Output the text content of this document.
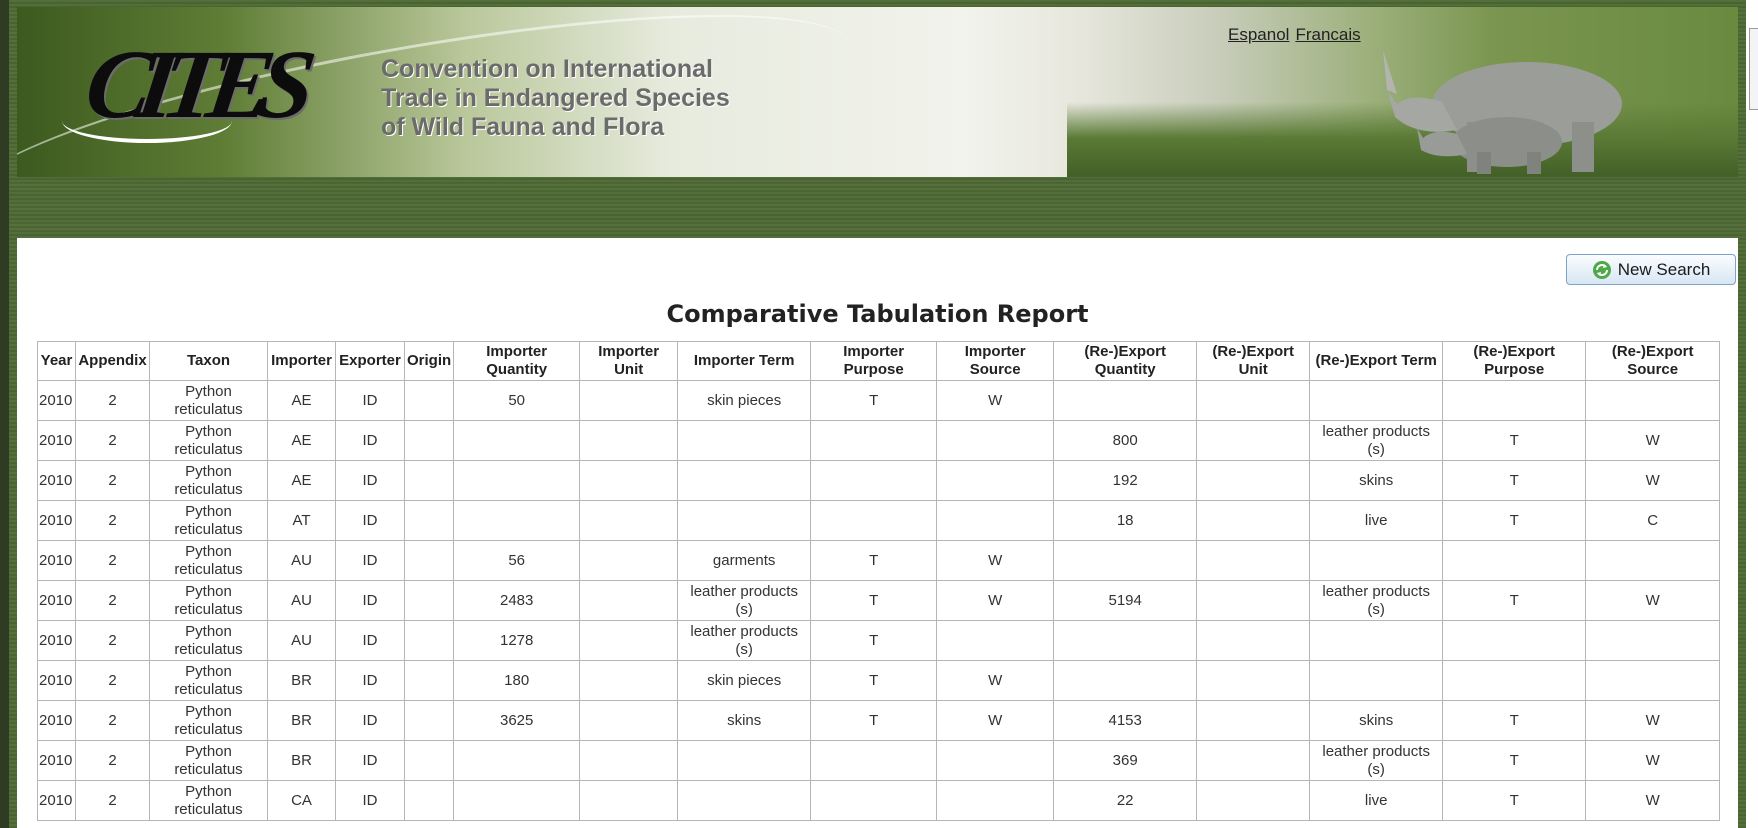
CITES	Convention on International
Trade in Endangered Species
of Wild Fauna and Flora
Espanol Francais
New Search
Comparative Tabulation Report
Year	Appendix	Taxon	Importer	Exporter	Origin	Importer Quantity	Importer Unit	Importer Term	Importer Purpose	Importer Source	(Re-)Export Quantity	(Re-)Export Unit	(Re-)Export Term	(Re-)Export Purpose	(Re-)Export Source
2010	2	Python reticulatus	AE	ID		50		skin pieces	T	W					
2010	2	Python reticulatus	AE	ID							800		leather products (s)	T	W
2010	2	Python reticulatus	AE	ID							192		skins	T	W
2010	2	Python reticulatus	AT	ID							18		live	T	C
2010	2	Python reticulatus	AU	ID		56		garments	T	W					
2010	2	Python reticulatus	AU	ID		2483		leather products (s)	T	W	5194		leather products (s)	T	W
2010	2	Python reticulatus	AU	ID		1278		leather products (s)	T						
2010	2	Python reticulatus	BR	ID		180		skin pieces	T	W					
2010	2	Python reticulatus	BR	ID		3625		skins	T	W	4153		skins	T	W
2010	2	Python reticulatus	BR	ID							369		leather products (s)	T	W
2010	2	Python reticulatus	CA	ID							22		live	T	W
